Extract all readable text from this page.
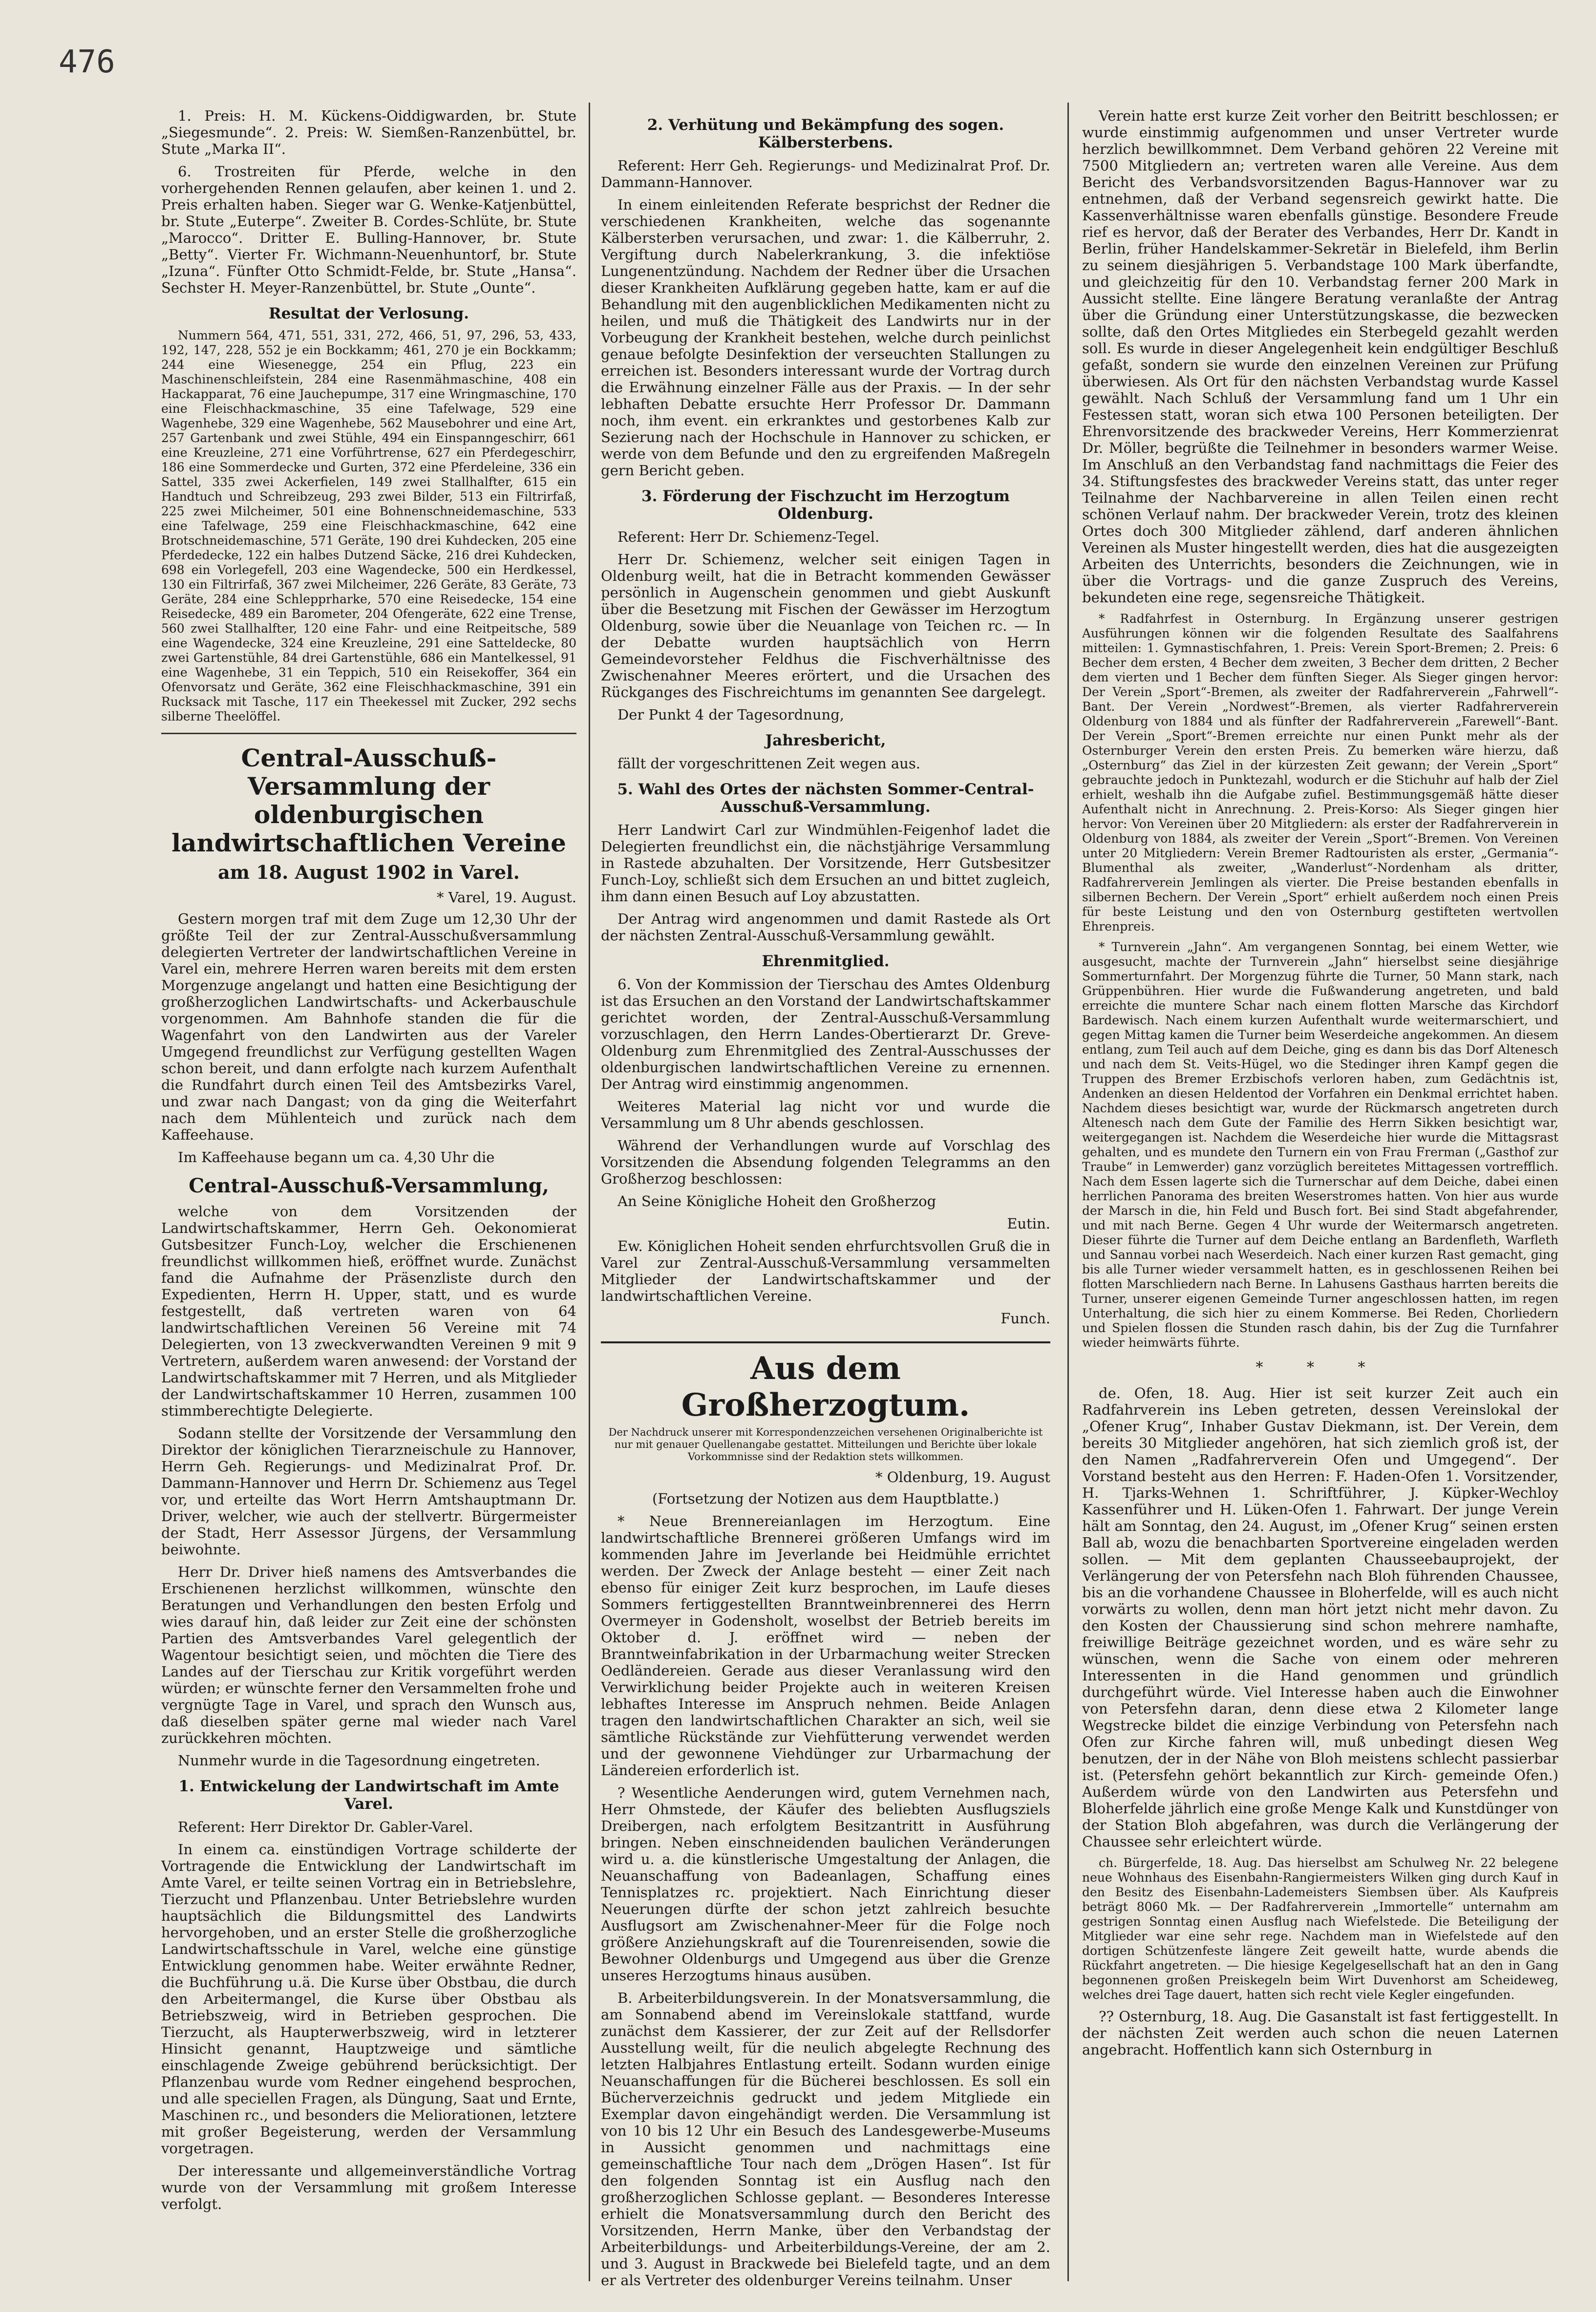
476

1. Preis: H. M. Kückens-Oiddigwarden, br. Stute „Siegesmunde“. 2. Preis: W. Siemßen-Ranzenbüttel, br. Stute „Marka II“.

6. Trostreiten für Pferde, welche in den vorhergehenden Rennen gelaufen, aber keinen 1. und 2. Preis erhalten haben. Sieger war G. Wenke-Katjenbüttel, br. Stute „Euterpe“. Zweiter B. Cordes-Schlüte, br. Stute „Marocco“. Dritter E. Bulling-Hannover, br. Stute „Betty“. Vierter Fr. Wichmann-Neuenhuntorf, br. Stute „Izuna“. Fünfter Otto Schmidt-Felde, br. Stute „Hansa“. Sechster H. Meyer-Ranzenbüttel, br. Stute „Ounte“.

Resultat der Verlosung.

Nummern 564, 471, 551, 331, 272, 466, 51, 97, 296, 53, 433, 192, 147, 228, 552 je ein Bockkamm; 461, 270 je ein Bockkamm; 244 eine Wiesenegge, 254 ein Pflug, 223 ein Maschinenschleifstein, 284 eine Rasenmähmaschine, 408 ein Hackapparat, 76 eine Jauchepumpe, 317 eine Wringmaschine, 170 eine Fleischhackmaschine, 35 eine Tafelwage, 529 eine Wagenhebe, 329 eine Wagenhebe, 562 Mausebohrer und eine Art, 257 Gartenbank und zwei Stühle, 494 ein Einspanngeschirr, 661 eine Kreuzleine, 271 eine Vorführtrense, 627 ein Pferdegeschirr, 186 eine Sommerdecke und Gurten, 372 eine Pferdeleine, 336 ein Sattel, 335 zwei Ackerfielen, 149 zwei Stallhalfter, 615 ein Handtuch und Schreibzeug, 293 zwei Bilder, 513 ein Filtrirfaß, 225 zwei Milcheimer, 501 eine Bohnenschneidemaschine, 533 eine Tafelwage, 259 eine Fleischhackmaschine, 642 eine Brotschneidemaschine, 571 Geräte, 190 drei Kuhdecken, 205 eine Pferdedecke, 122 ein halbes Dutzend Säcke, 216 drei Kuhdecken, 698 ein Vorlegefell, 203 eine Wagendecke, 500 ein Herdkessel, 130 ein Filtrirfaß, 367 zwei Milcheimer, 226 Geräte, 83 Geräte, 73 Geräte, 284 eine Schlepprharke, 570 eine Reisedecke, 154 eine Reisedecke, 489 ein Barometer, 204 Ofengeräte, 622 eine Trense, 560 zwei Stallhalfter, 120 eine Fahr- und eine Reitpeitsche, 589 eine Wagendecke, 324 eine Kreuzleine, 291 eine Satteldecke, 80 zwei Gartenstühle, 84 drei Gartenstühle, 686 ein Mantelkessel, 91 eine Wagenhebe, 31 ein Teppich, 510 ein Reisekoffer, 364 ein Ofenvorsatz und Geräte, 362 eine Fleischhackmaschine, 391 ein Rucksack mit Tasche, 117 ein Theekessel mit Zucker, 292 sechs silberne Theelöffel.

Central-Ausschuß-Versammlung der oldenburgischen landwirtschaftlichen Vereine
am 18. August 1902 in Varel.
* Varel, 19. August.

Gestern morgen traf mit dem Zuge um 12,30 Uhr der größte Teil der zur Zentral-Ausschußversammlung delegierten Vertreter der landwirtschaftlichen Vereine in Varel ein, mehrere Herren waren bereits mit dem ersten Morgenzuge angelangt und hatten eine Besichtigung der großherzoglichen Landwirtschafts- und Ackerbauschule vorgenommen. Am Bahnhofe standen die für die Wagenfahrt von den Landwirten aus der Vareler Umgegend freundlichst zur Verfügung gestellten Wagen schon bereit, und dann erfolgte nach kurzem Aufenthalt die Rundfahrt durch einen Teil des Amtsbezirks Varel, und zwar nach Dangast; von da ging die Weiterfahrt nach dem Mühlenteich und zurück nach dem Kaffeehause.

Im Kaffeehause begann um ca. 4,30 Uhr die

Central-Ausschuß-Versammlung,

welche von dem Vorsitzenden der Landwirtschaftskammer, Herrn Geh. Oekonomierat Gutsbesitzer Funch-Loy, welcher die Erschienenen freundlichst willkommen hieß, eröffnet wurde. Zunächst fand die Aufnahme der Präsenzliste durch den Expedienten, Herrn H. Upper, statt, und es wurde festgestellt, daß vertreten waren von 64 landwirtschaftlichen Vereinen 56 Vereine mit 74 Delegierten, von 13 zweckverwandten Vereinen 9 mit 9 Vertretern, außerdem waren anwesend: der Vorstand der Landwirtschaftskammer mit 7 Herren, und als Mitglieder der Landwirtschaftskammer 10 Herren, zusammen 100 stimmberechtigte Delegierte.

Sodann stellte der Vorsitzende der Versammlung den Direktor der königlichen Tierarzneischule zu Hannover, Herrn Geh. Regierungs- und Medizinalrat Prof. Dr. Dammann-Hannover und Herrn Dr. Schiemenz aus Tegel vor, und erteilte das Wort Herrn Amtshauptmann Dr. Driver, welcher, wie auch der stellvertr. Bürgermeister der Stadt, Herr Assessor Jürgens, der Versammlung beiwohnte.

Herr Dr. Driver hieß namens des Amtsverbandes die Erschienenen herzlichst willkommen, wünschte den Beratungen und Verhandlungen den besten Erfolg und wies darauf hin, daß leider zur Zeit eine der schönsten Partien des Amtsverbandes Varel gelegentlich der Wagentour besichtigt seien, und möchten die Tiere des Landes auf der Tierschau zur Kritik vorgeführt werden würden; er wünschte ferner den Versammelten frohe und vergnügte Tage in Varel, und sprach den Wunsch aus, daß dieselben später gerne mal wieder nach Varel zurückkehren möchten.

Nunmehr wurde in die Tagesordnung eingetreten.

1. Entwickelung der Landwirtschaft im Amte Varel.

Referent: Herr Direktor Dr. Gabler-Varel.

In einem ca. einstündigen Vortrage schilderte der Vortragende die Entwicklung der Landwirtschaft im Amte Varel, er teilte seinen Vortrag ein in Betriebslehre, Tierzucht und Pflanzenbau. Unter Betriebslehre wurden hauptsächlich die Bildungsmittel des Landwirts hervorgehoben, und an erster Stelle die großherzogliche Landwirtschaftsschule in Varel, welche eine günstige Entwicklung genommen habe. Weiter erwähnte Redner, die Buchführung u.ä. Die Kurse über Obstbau, die durch den Arbeitermangel, die Kurse über Obstbau als Betriebszweig, wird in Betrieben gesprochen. Die Tierzucht, als Haupterwerbszweig, wird in letzterer Hinsicht genannt, Hauptzweige und sämtliche einschlagende Zweige gebührend berücksichtigt. Der Pflanzenbau wurde vom Redner eingehend besprochen, und alle speciellen Fragen, als Düngung, Saat und Ernte, Maschinen rc., und besonders die Meliorationen, letztere mit großer Begeisterung, werden der Versammlung vorgetragen.

Der interessante und allgemeinverständliche Vortrag wurde von der Versammlung mit großem Interesse verfolgt.

2. Verhütung und Bekämpfung des sogen. Kälbersterbens.

Referent: Herr Geh. Regierungs- und Medizinalrat Prof. Dr. Dammann-Hannover.

In einem einleitenden Referate besprichst der Redner die verschiedenen Krankheiten, welche das sogenannte Kälbersterben verursachen, und zwar: 1. die Kälberruhr, 2. Vergiftung durch Nabelerkrankung, 3. die infektiöse Lungenentzündung. Nachdem der Redner über die Ursachen dieser Krankheiten Aufklärung gegeben hatte, kam er auf die Behandlung mit den augenblicklichen Medikamenten nicht zu heilen, und muß die Thätigkeit des Landwirts nur in der Vorbeugung der Krankheit bestehen, welche durch peinlichst genaue befolgte Desinfektion der verseuchten Stallungen zu erreichen ist. Besonders interessant wurde der Vortrag durch die Erwähnung einzelner Fälle aus der Praxis. — In der sehr lebhaften Debatte ersuchte Herr Professor Dr. Dammann noch, ihm event. ein erkranktes und gestorbenes Kalb zur Sezierung nach der Hochschule in Hannover zu schicken, er werde von dem Befunde und den zu ergreifenden Maßregeln gern Bericht geben.

3. Förderung der Fischzucht im Herzogtum Oldenburg.

Referent: Herr Dr. Schiemenz-Tegel.

Herr Dr. Schiemenz, welcher seit einigen Tagen in Oldenburg weilt, hat die in Betracht kommenden Gewässer persönlich in Augenschein genommen und giebt Auskunft über die Besetzung mit Fischen der Gewässer im Herzogtum Oldenburg, sowie über die Neuanlage von Teichen rc. — In der Debatte wurden hauptsächlich von Herrn Gemeindevorsteher Feldhus die Fischverhältnisse des Zwischenahner Meeres erörtert, und die Ursachen des Rückganges des Fischreichtums im genannten See dargelegt.

Der Punkt 4 der Tagesordnung,

Jahresbericht,

fällt der vorgeschrittenen Zeit wegen aus.

5. Wahl des Ortes der nächsten Sommer-Central-Ausschuß-Versammlung.

Herr Landwirt Carl zur Windmühlen-Feigenhof ladet die Delegierten freundlichst ein, die nächstjährige Versammlung in Rastede abzuhalten. Der Vorsitzende, Herr Gutsbesitzer Funch-Loy, schließt sich dem Ersuchen an und bittet zugleich, ihm dann einen Besuch auf Loy abzustatten.

Der Antrag wird angenommen und damit Rastede als Ort der nächsten Zentral-Ausschuß-Versammlung gewählt.

Ehrenmitglied.

6. Von der Kommission der Tierschau des Amtes Oldenburg ist das Ersuchen an den Vorstand der Landwirtschaftskammer gerichtet worden, der Zentral-Ausschuß-Versammlung vorzuschlagen, den Herrn Landes-Obertierarzt Dr. Greve-Oldenburg zum Ehrenmitglied des Zentral-Ausschusses der oldenburgischen landwirtschaftlichen Vereine zu ernennen. Der Antrag wird einstimmig angenommen.

Weiteres Material lag nicht vor und wurde die Versammlung um 8 Uhr abends geschlossen.

Während der Verhandlungen wurde auf Vorschlag des Vorsitzenden die Absendung folgenden Telegramms an den Großherzog beschlossen:

An Seine Königliche Hoheit den Großherzog

Eutin.

Ew. Königlichen Hoheit senden ehrfurchtsvollen Gruß die in Varel zur Zentral-Ausschuß-Versammlung versammelten Mitglieder der Landwirtschaftskammer und der landwirtschaftlichen Vereine.

Funch.

Aus dem Großherzogtum.

Der Nachdruck unserer mit Korrespondenzzeichen versehenen Originalberichte ist nur mit genauer Quellenangabe gestattet. Mitteilungen und Berichte über lokale Vorkommnisse sind der Redaktion stets willkommen.

* Oldenburg, 19. August

(Fortsetzung der Notizen aus dem Hauptblatte.)

* Neue Brennereianlagen im Herzogtum. Eine landwirtschaftliche Brennerei größeren Umfangs wird im kommenden Jahre im Jeverlande bei Heidmühle errichtet werden. Der Zweck der Anlage besteht — einer Zeit nach ebenso für einiger Zeit kurz besprochen, im Laufe dieses Sommers fertiggestellten Branntweinbrennerei des Herrn Overmeyer in Godensholt, woselbst der Betrieb bereits im Oktober d. J. eröffnet wird — neben der Branntweinfabrikation in der Urbarmachung weiter Strecken Oedländereien. Gerade aus dieser Veranlassung wird den Verwirklichung beider Projekte auch in weiteren Kreisen lebhaftes Interesse im Anspruch nehmen. Beide Anlagen tragen den landwirtschaftlichen Charakter an sich, weil sie sämtliche Rückstände zur Viehfütterung verwendet werden und der gewonnene Viehdünger zur Urbarmachung der Ländereien erforderlich ist.

? Wesentliche Aenderungen wird, gutem Vernehmen nach, Herr Ohmstede, der Käufer des beliebten Ausflugsziels Dreibergen, nach erfolgtem Besitzantritt in Ausführung bringen. Neben einschneidenden baulichen Veränderungen wird u. a. die künstlerische Umgestaltung der Anlagen, die Neuanschaffung von Badeanlagen, Schaffung eines Tennisplatzes rc. projektiert. Nach Einrichtung dieser Neuerungen dürfte der schon jetzt zahlreich besuchte Ausflugsort am Zwischenahner-Meer für die Folge noch größere Anziehungskraft auf die Tourenreisenden, sowie die Bewohner Oldenburgs und Umgegend aus über die Grenze unseres Herzogtums hinaus ausüben.

B. Arbeiterbildungsverein. In der Monatsversammlung, die am Sonnabend abend im Vereinslokale stattfand, wurde zunächst dem Kassierer, der zur Zeit auf der Rellsdorfer Ausstellung weilt, für die neulich abgelegte Rechnung des letzten Halbjahres Entlastung erteilt. Sodann wurden einige Neuanschaffungen für die Bücherei beschlossen. Es soll ein Bücherverzeichnis gedruckt und jedem Mitgliede ein Exemplar davon eingehändigt werden. Die Versammlung ist von 10 bis 12 Uhr ein Besuch des Landesgewerbe-Museums in Aussicht genommen und nachmittags eine gemeinschaftliche Tour nach dem „Drögen Hasen“. Ist für den folgenden Sonntag ist ein Ausflug nach den großherzoglichen Schlosse geplant. — Besonderes Interesse erhielt die Monatsversammlung durch den Bericht des Vorsitzenden, Herrn Manke, über den Verbandstag der Arbeiterbildungs- und Arbeiterbildungs-Vereine, der am 2. und 3. August in Brackwede bei Bielefeld tagte, und an dem er als Vertreter des oldenburger Vereins teilnahm. Unser

Verein hatte erst kurze Zeit vorher den Beitritt beschlossen; er wurde einstimmig aufgenommen und unser Vertreter wurde herzlich bewillkommnet. Dem Verband gehören 22 Vereine mit 7500 Mitgliedern an; vertreten waren alle Vereine. Aus dem Bericht des Verbandsvorsitzenden Bagus-Hannover war zu entnehmen, daß der Verband segensreich gewirkt hatte. Die Kassenverhältnisse waren ebenfalls günstige. Besondere Freude rief es hervor, daß der Berater des Verbandes, Herr Dr. Kandt in Berlin, früher Handelskammer-Sekretär in Bielefeld, ihm Berlin zu seinem diesjährigen 5. Verbandstage 100 Mark überfandte, und gleichzeitig für den 10. Verbandstag ferner 200 Mark in Aussicht stellte. Eine längere Beratung veranlaßte der Antrag über die Gründung einer Unterstützungskasse, die bezwecken sollte, daß den Ortes Mitgliedes ein Sterbegeld gezahlt werden soll. Es wurde in dieser Angelegenheit kein endgültiger Beschluß gefaßt, sondern sie wurde den einzelnen Vereinen zur Prüfung überwiesen. Als Ort für den nächsten Verbandstag wurde Kassel gewählt. Nach Schluß der Versammlung fand um 1 Uhr ein Festessen statt, woran sich etwa 100 Personen beteiligten. Der Ehrenvorsitzende des brackweder Vereins, Herr Kommerzienrat Dr. Möller, begrüßte die Teilnehmer in besonders warmer Weise. Im Anschluß an den Verbandstag fand nachmittags die Feier des 34. Stiftungsfestes des brackweder Vereins statt, das unter reger Teilnahme der Nachbarvereine in allen Teilen einen recht schönen Verlauf nahm. Der brackweder Verein, trotz des kleinen Ortes doch 300 Mitglieder zählend, darf anderen ähnlichen Vereinen als Muster hingestellt werden, dies hat die ausgezeigten Arbeiten des Unterrichts, besonders die Zeichnungen, wie in über die Vortrags- und die ganze Zuspruch des Vereins, bekundeten eine rege, segensreiche Thätigkeit.

* Radfahrfest in Osternburg. In Ergänzung unserer gestrigen Ausführungen können wir die folgenden Resultate des Saalfahrens mitteilen: 1. Gymnastischfahren, 1. Preis: Verein Sport-Bremen; 2. Preis: 6 Becher dem ersten, 4 Becher dem zweiten, 3 Becher dem dritten, 2 Becher dem vierten und 1 Becher dem fünften Sieger. Als Sieger gingen hervor: Der Verein „Sport“-Bremen, als zweiter der Radfahrerverein „Fahrwell“-Bant. Der Verein „Nordwest“-Bremen, als vierter Radfahrerverein Oldenburg von 1884 und als fünfter der Radfahrerverein „Farewell“-Bant. Der Verein „Sport“-Bremen erreichte nur einen Punkt mehr als der Osternburger Verein den ersten Preis. Zu bemerken wäre hierzu, daß „Osternburg“ das Ziel in der kürzesten Zeit gewann; der Verein „Sport“ gebrauchte jedoch in Punktezahl, wodurch er die Stichuhr auf halb der Ziel erhielt, weshalb ihn die Aufgabe zufiel. Bestimmungsgemäß hätte dieser Aufenthalt nicht in Anrechnung. 2. Preis-Korso: Als Sieger gingen hier hervor: Von Vereinen über 20 Mitgliedern: als erster der Radfahrerverein in Oldenburg von 1884, als zweiter der Verein „Sport“-Bremen. Von Vereinen unter 20 Mitgliedern: Verein Bremer Radtouristen als erster, „Germania“-Blumenthal als zweiter, „Wanderlust“-Nordenham als dritter, Radfahrerverein Jemlingen als vierter. Die Preise bestanden ebenfalls in silbernen Bechern. Der Verein „Sport“ erhielt außerdem noch einen Preis für beste Leistung und den von Osternburg gestifteten wertvollen Ehrenpreis.

* Turnverein „Jahn“. Am vergangenen Sonntag, bei einem Wetter, wie ausgesucht, machte der Turnverein „Jahn“ hierselbst seine diesjährige Sommerturnfahrt. Der Morgenzug führte die Turner, 50 Mann stark, nach Grüppenbühren. Hier wurde die Fußwanderung angetreten, und bald erreichte die muntere Schar nach einem flotten Marsche das Kirchdorf Bardewisch. Nach einem kurzen Aufenthalt wurde weitermarschiert, und gegen Mittag kamen die Turner beim Weserdeiche angekommen. An diesem entlang, zum Teil auch auf dem Deiche, ging es dann bis das Dorf Altenesch und nach dem St. Veits-Hügel, wo die Stedinger ihren Kampf gegen die Truppen des Bremer Erzbischofs verloren haben, zum Gedächtnis ist, Andenken an diesen Heldentod der Vorfahren ein Denkmal errichtet haben. Nachdem dieses besichtigt war, wurde der Rückmarsch angetreten durch Altenesch nach dem Gute der Familie des Herrn Sikken besichtigt war, weitergegangen ist. Nachdem die Weserdeiche hier wurde die Mittagsrast gehalten, und es mundete den Turnern ein von Frau Frerman („Gasthof zur Traube“ in Lemwerder) ganz vorzüglich bereitetes Mittagessen vortrefflich. Nach dem Essen lagerte sich die Turnerschar auf dem Deiche, dabei einen herrlichen Panorama des breiten Weserstromes hatten. Von hier aus wurde der Marsch in die, hin Feld und Busch fort. Bei sind Stadt abgefahrender, und mit nach Berne. Gegen 4 Uhr wurde der Weitermarsch angetreten. Dieser führte die Turner auf dem Deiche entlang an Bardenfleth, Warfleth und Sannau vorbei nach Weserdeich. Nach einer kurzen Rast gemacht, ging bis alle Turner wieder versammelt hatten, es in geschlossenen Reihen bei flotten Marschliedern nach Berne. In Lahusens Gasthaus harrten bereits die Turner, unserer eigenen Gemeinde Turner angeschlossen hatten, im regen Unterhaltung, die sich hier zu einem Kommerse. Bei Reden, Chorliedern und Spielen flossen die Stunden rasch dahin, bis der Zug die Turnfahrer wieder heimwärts führte.

* * *

de. Ofen, 18. Aug. Hier ist seit kurzer Zeit auch ein Radfahrverein ins Leben getreten, dessen Vereinslokal der „Ofener Krug“, Inhaber Gustav Diekmann, ist. Der Verein, dem bereits 30 Mitglieder angehören, hat sich ziemlich groß ist, der den Namen „Radfahrerverein Ofen und Umgegend“. Der Vorstand besteht aus den Herren: F. Haden-Ofen 1. Vorsitzender, H. Tjarks-Wehnen 1. Schriftführer, J. Küpker-Wechloy Kassenführer und H. Lüken-Ofen 1. Fahrwart. Der junge Verein hält am Sonntag, den 24. August, im „Ofener Krug“ seinen ersten Ball ab, wozu die benachbarten Sportvereine eingeladen werden sollen. — Mit dem geplanten Chausseebauprojekt, der Verlängerung der von Petersfehn nach Bloh führenden Chaussee, bis an die vorhandene Chaussee in Bloherfelde, will es auch nicht vorwärts zu wollen, denn man hört jetzt nicht mehr davon. Zu den Kosten der Chaussierung sind schon mehrere namhafte, freiwillige Beiträge gezeichnet worden, und es wäre sehr zu wünschen, wenn die Sache von einem oder mehreren Interessenten in die Hand genommen und gründlich durchgeführt würde. Viel Interesse haben auch die Einwohner von Petersfehn daran, denn diese etwa 2 Kilometer lange Wegstrecke bildet die einzige Verbindung von Petersfehn nach Ofen zur Kirche fahren will, muß unbedingt diesen Weg benutzen, der in der Nähe von Bloh meistens schlecht passierbar ist. (Petersfehn gehört bekanntlich zur Kirch- gemeinde Ofen.) Außerdem würde von den Landwirten aus Petersfehn und Bloherfelde jährlich eine große Menge Kalk und Kunstdünger von der Station Bloh abgefahren, was durch die Verlängerung der Chaussee sehr erleichtert würde.

ch. Bürgerfelde, 18. Aug. Das hierselbst am Schulweg Nr. 22 belegene neue Wohnhaus des Eisenbahn-Rangiermeisters Wilken ging durch Kauf in den Besitz des Eisenbahn-Lademeisters Siembsen über. Als Kaufpreis beträgt 8060 Mk. — Der Radfahrerverein „Immortelle“ unternahm am gestrigen Sonntag einen Ausflug nach Wiefelstede. Die Beteiligung der Mitglieder war eine sehr rege. Nachdem man in Wiefelstede auf den dortigen Schützenfeste längere Zeit geweilt hatte, wurde abends die Rückfahrt angetreten. — Die hiesige Kegelgesellschaft hat an den in Gang begonnenen großen Preiskegeln beim Wirt Duvenhorst am Scheideweg, welches drei Tage dauert, hatten sich recht viele Kegler eingefunden.

?? Osternburg, 18. Aug. Die Gasanstalt ist fast fertiggestellt. In der nächsten Zeit werden auch schon die neuen Laternen angebracht. Hoffentlich kann sich Osternburg in
